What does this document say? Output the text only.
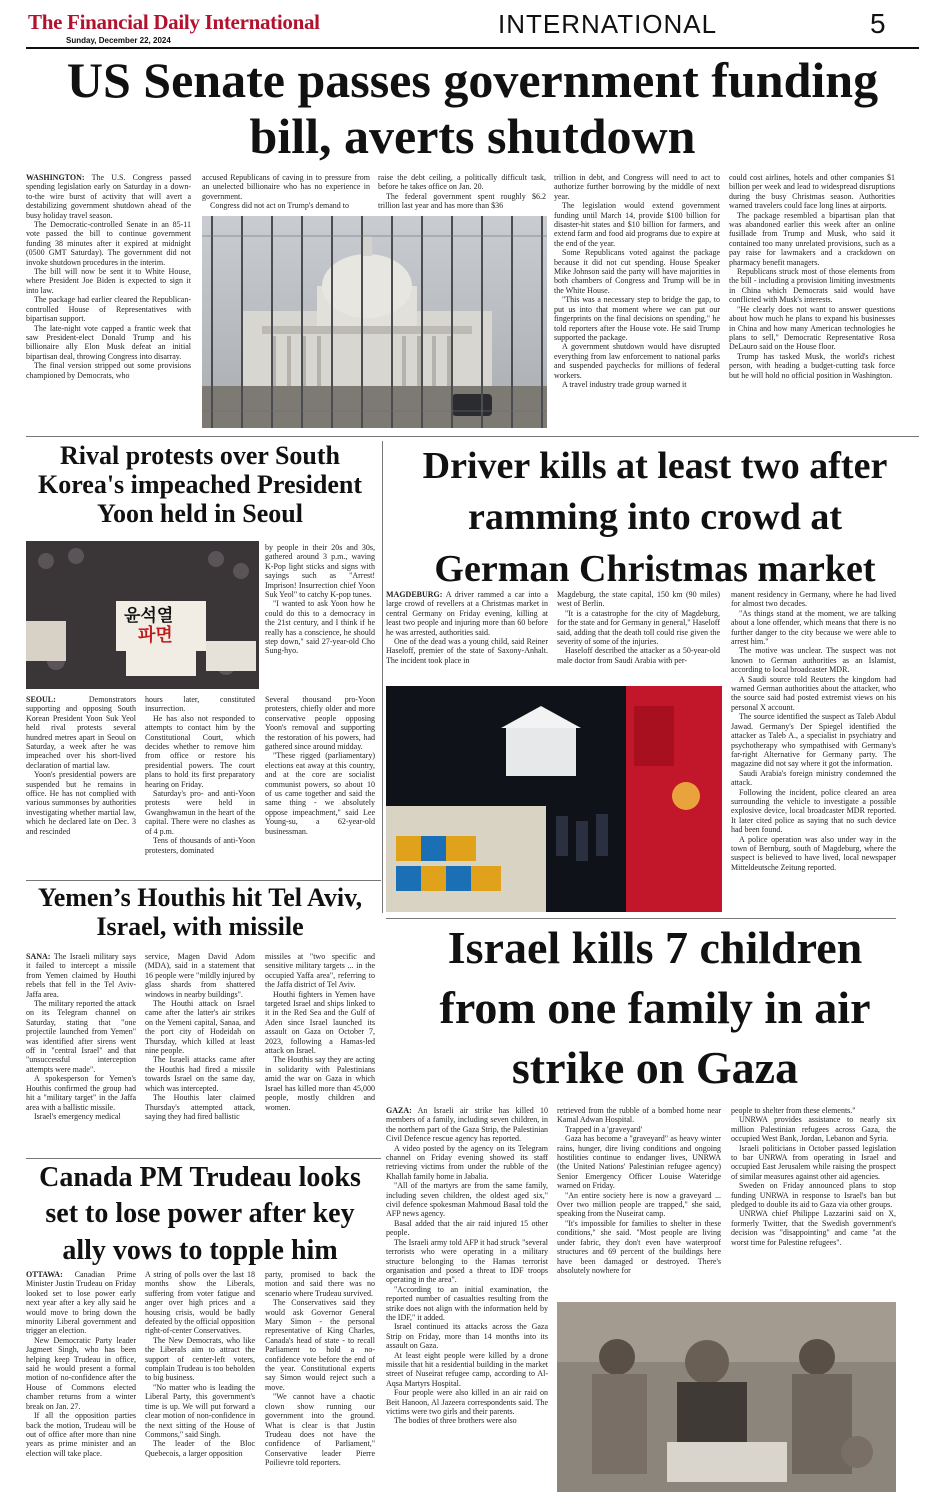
The Financial Daily International
Sunday, December 22, 2024
INTERNATIONAL	5
US Senate passes government funding
bill, averts shutdown
WASHINGTON: The U.S. Congress passed spending legislation early on Saturday in a down-to-the wire burst of activity that will avert a destabilizing government shutdown ahead of the busy holiday travel season.

The Democratic-controlled Senate in an 85-11 vote passed the bill to continue government funding 38 minutes after it expired at midnight (0500 GMT Saturday). The government did not invoke shutdown procedures in the interim.

The bill will now be sent it to White House, where President Joe Biden is expected to sign it into law.

The package had earlier cleared the Republican-controlled House of Representatives with bipartisan support.

The late-night vote capped a frantic week that saw President-elect Donald Trump and his billionaire ally Elon Musk defeat an initial bipartisan deal, throwing Congress into disarray.

The final version stripped out some provisions championed by Democrats, who

accused Republicans of caving in to pressure from an unelected billionaire who has no experience in government.

Congress did not act on Trump's demand to

raise the debt ceiling, a politically difficult task, before he takes office on Jan. 20.

The federal government spent roughly $6.2 trillion last year and has more than $36

trillion in debt, and Congress will need to act to authorize further borrowing by the middle of next year.

The legislation would extend government funding until March 14, provide $100 billion for disaster-hit states and $10 billion for farmers, and extend farm and food aid programs due to expire at the end of the year.

Some Republicans voted against the package because it did not cut spending. House Speaker Mike Johnson said the party will have majorities in both chambers of Congress and Trump will be in the White House.

"This was a necessary step to bridge the gap, to put us into that moment where we can put our fingerprints on the final decisions on spending," he told reporters after the House vote. He said Trump supported the package.

A government shutdown would have disrupted everything from law enforcement to national parks and suspended paychecks for millions of federal workers.

A travel industry trade group warned it

could cost airlines, hotels and other companies $1 billion per week and lead to widespread disruptions during the busy Christmas season. Authorities warned travelers could face long lines at airports.

The package resembled a bipartisan plan that was abandoned earlier this week after an online fusillade from Trump and Musk, who said it contained too many unrelated provisions, such as a pay raise for lawmakers and a crackdown on pharmacy benefit managers.

Republicans struck most of those elements from the bill - including a provision limiting investments in China which Democrats said would have conflicted with Musk's interests.

"He clearly does not want to answer questions about how much he plans to expand his businesses in China and how many American technologies he plans to sell," Democratic Representative Rosa DeLauro said on the House floor.

Trump has tasked Musk, the world's richest person, with heading a budget-cutting task force but he will hold no official position in Washington.

Rival protests over South
Korea's impeached President
Yoon held in Seoul
윤석열
파면
by people in their 20s and 30s, gathered around 3 p.m., waving K-Pop light sticks and signs with sayings such as "Arrest! Imprison! Insurrection chief Yoon Suk Yeol" to catchy K-pop tunes.

"I wanted to ask Yoon how he could do this to a democracy in the 21st century, and I think if he really has a conscience, he should step down," said 27-year-old Cho Sung-hyo.

SEOUL:	Demonstrators supporting and opposing South Korean President Yoon Suk Yeol held rival protests several hundred metres apart in Seoul on Saturday, a week after he was impeached over his short-lived declaration of martial law.

Yoon's presidential powers are suspended but he remains in office. He has not complied with various summonses by authorities investigating whether martial law, which he declared late on Dec. 3 and rescinded

hours later, constituted insurrection.

He has also not responded to attempts to contact him by the Constitutional Court, which decides whether to remove him from office or restore his presidential powers. The court plans to hold its first preparatory hearing on Friday.

Saturday's pro- and anti-Yoon protests were held in Gwanghwamun in the heart of the capital. There were no clashes as of 4 p.m.

Tens of thousands of anti-Yoon protesters, dominated

Several thousand pro-Yoon protesters, chiefly older and more conservative people opposing Yoon's removal and supporting the restoration of his powers, had gathered since around midday.

"These rigged (parliamentary) elections eat away at this country, and at the core are socialist communist powers, so about 10 of us came together and said the same thing - we absolutely oppose impeachment," said Lee Young-su, a 62-year-old businessman.

Driver kills at least two after
ramming into crowd at
German Christmas market
MAGDEBURG: A driver rammed a car into a large crowd of revellers at a Christmas market in central Germany on Friday evening, killing at least two people and injuring more than 60 before he was arrested, authorities said.

One of the dead was a young child, said Reiner Haseloff, premier of the state of Saxony-Anhalt. The incident took place in

Magdeburg, the state capital, 150 km (90 miles) west of Berlin.

"It is a catastrophe for the city of Magdeburg, for the state and for Germany in general," Haseloff said, adding that the death toll could rise given the severity of some of the injuries.

Haseloff described the attacker as a 50-year-old male doctor from Saudi Arabia with per-

manent residency in Germany, where he had lived for almost two decades.

"As things stand at the moment, we are talking about a lone offender, which means that there is no further danger to the city because we were able to arrest him."

The motive was unclear. The suspect was not known to German authorities as an Islamist, according to local broadcaster MDR.

A Saudi source told Reuters the kingdom had warned German authorities about the attacker, who the source said had posted extremist views on his personal X account.

The source identified the suspect as Taleb Abdul Jawad. Germany's Der Spiegel identified the attacker as Taleb A., a specialist in psychiatry and psychotherapy who sympathised with Germany's far-right Alternative for Germany party. The magazine did not say where it got the information.

Saudi Arabia's foreign ministry condemned the attack.

Following the incident, police cleared an area surrounding the vehicle to investigate a possible explosive device, local broadcaster MDR reported. It later cited police as saying that no such device had been found.

A police operation was also under way in the town of Bernburg, south of Magdeburg, where the suspect is believed to have lived, local newspaper Mitteldeutsche Zeitung reported.

Yemen’s Houthis hit Tel Aviv,
Israel, with missile
SANA: The Israeli military says it failed to intercept a missile from Yemen claimed by Houthi rebels that fell in the Tel Aviv-Jaffa area.

The military reported the attack on its Telegram channel on Saturday, stating that "one projectile launched from Yemen" was identified after sirens went off in "central Israel" and that "unsuccessful interception attempts were made".

A spokesperson for Yemen's Houthis confirmed the group had hit a "military target" in the Jaffa area with a ballistic missile.

Israel's emergency medical

service, Magen David Adom (MDA), said in a statement that 16 people were "mildly injured by glass shards from shattered windows in nearby buildings".

The Houthi attack on Israel came after the latter's air strikes on the Yemeni capital, Sanaa, and the port city of Hodeidah on Thursday, which killed at least nine people.

The Israeli attacks came after the Houthis had fired a missile towards Israel on the same day, which was intercepted.

The Houthis later claimed Thursday's attempted attack, saying they had fired ballistic

missiles at "two specific and sensitive military targets ... in the occupied Yaffa area", referring to the Jaffa district of Tel Aviv.

Houthi fighters in Yemen have targeted Israel and ships linked to it in the Red Sea and the Gulf of Aden since Israel launched its assault on Gaza on October 7, 2023, following a Hamas-led attack on Israel.

The Houthis say they are acting in solidarity with Palestinians amid the war on Gaza in which Israel has killed more than 45,000 people, mostly children and women.

Canada PM Trudeau looks
set to lose power after key
ally vows to topple him
OTTAWA: Canadian Prime Minister Justin Trudeau on Friday looked set to lose power early next year after a key ally said he would move to bring down the minority Liberal government and trigger an election.

New Democratic Party leader Jagmeet Singh, who has been helping keep Trudeau in office, said he would present a formal motion of no-confidence after the House of Commons elected chamber returns from a winter break on Jan. 27.

If all the opposition parties back the motion, Trudeau will be out of office after more than nine years as prime minister and an election will take place.

A string of polls over the last 18 months show the Liberals, suffering from voter fatigue and anger over high prices and a housing crisis, would be badly defeated by the official opposition right-of-center Conservatives.

The New Democrats, who like the Liberals aim to attract the support of center-left voters, complain Trudeau is too beholden to big business.

"No matter who is leading the Liberal Party, this government's time is up. We will put forward a clear motion of non-confidence in the next sitting of the House of Commons," said Singh.

The leader of the Bloc Quebecois, a larger opposition

party, promised to back the motion and said there was no scenario where Trudeau survived.

The Conservatives said they would ask Governor General Mary Simon - the personal representative of King Charles, Canada's head of state - to recall Parliament to hold a no-confidence vote before the end of the year. Constitutional experts say Simon would reject such a move.

"We cannot have a chaotic clown show running our government into the ground. What is clear is that Justin Trudeau does not have the confidence of Parliament," Conservative leader Pierre Poilievre told reporters.

Israel kills 7 children
from one family in air
strike on Gaza
GAZA: An Israeli air strike has killed 10 members of a family, including seven children, in the northern part of the Gaza Strip, the Palestinian Civil Defence rescue agency has reported.

A video posted by the agency on its Telegram channel on Friday evening showed its staff retrieving victims from under the rubble of the Khallah family home in Jabalia.

"All of the martyrs are from the same family, including seven children, the oldest aged six," civil defence spokesman Mahmoud Basal told the AFP news agency.

Basal added that the air raid injured 15 other people.

The Israeli army told AFP it had struck "several terrorists who were operating in a military structure belonging to the Hamas terrorist organisation and posed a threat to IDF troops operating in the area".

"According to an initial examination, the reported number of casualties resulting from the strike does not align with the information held by the IDF," it added.

Israel continued its attacks across the Gaza Strip on Friday, more than 14 months into its assault on Gaza.

At least eight people were killed by a drone missile that hit a residential building in the market street of Nuseirat refugee camp, according to Al-Aqsa Martyrs Hospital.

Four people were also killed in an air raid on Beit Hanoon, Al Jazeera correspondents said. The victims were two girls and their parents.

The bodies of three brothers were also

retrieved from the rubble of a bombed home near Kamal Adwan Hospital.

Trapped in a 'graveyard'

Gaza has become a "graveyard" as heavy winter rains, hunger, dire living conditions and ongoing hostilities continue to endanger lives, UNRWA (the United Nations' Palestinian refugee agency) Senior Emergency Officer Louise Wateridge warned on Friday.

"An entire society here is now a graveyard ... Over two million people are trapped," she said, speaking from the Nuseirat camp.

"It's impossible for families to shelter in these conditions," she said. "Most people are living under fabric, they don't even have waterproof structures and 69 percent of the buildings here have been damaged or destroyed. There's absolutely nowhere for

people to shelter from these elements."

UNRWA provides assistance to nearly six million Palestinian refugees across Gaza, the occupied West Bank, Jordan, Lebanon and Syria.

Israeli politicians in October passed legislation to bar UNRWA from operating in Israel and occupied East Jerusalem while raising the prospect of similar measures against other aid agencies.

Sweden on Friday announced plans to stop funding UNRWA in response to Israel's ban but pledged to double its aid to Gaza via other groups.

UNRWA chief Philippe Lazzarini said on X, formerly Twitter, that the Swedish government's decision was "disappointing" and came "at the worst time for Palestine refugees".
